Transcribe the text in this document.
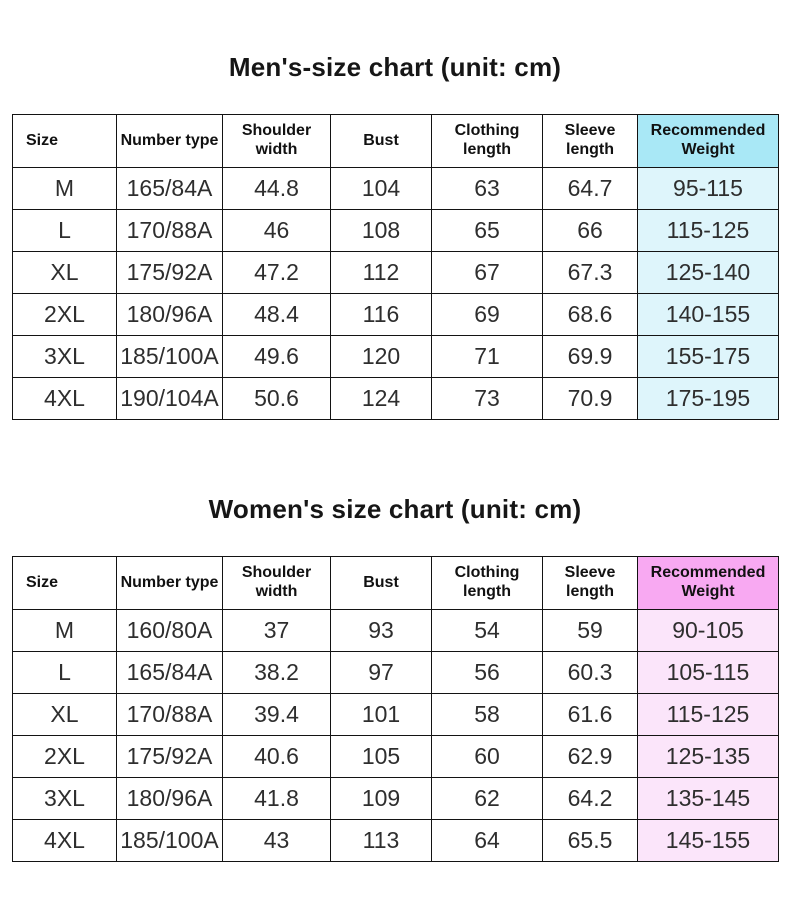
Men's-size chart (unit: cm)
Size	Number type	Shoulder width	Bust	Clothing length	Sleeve length	Recommended Weight
M	165/84A	44.8	104	63	64.7	95-115
L	170/88A	46	108	65	66	115-125
XL	175/92A	47.2	112	67	67.3	125-140
2XL	180/96A	48.4	116	69	68.6	140-155
3XL	185/100A	49.6	120	71	69.9	155-175
4XL	190/104A	50.6	124	73	70.9	175-195
Women's size chart (unit: cm)
Size	Number type	Shoulder width	Bust	Clothing length	Sleeve length	Recommended Weight
M	160/80A	37	93	54	59	90-105
L	165/84A	38.2	97	56	60.3	105-115
XL	170/88A	39.4	101	58	61.6	115-125
2XL	175/92A	40.6	105	60	62.9	125-135
3XL	180/96A	41.8	109	62	64.2	135-145
4XL	185/100A	43	113	64	65.5	145-155
